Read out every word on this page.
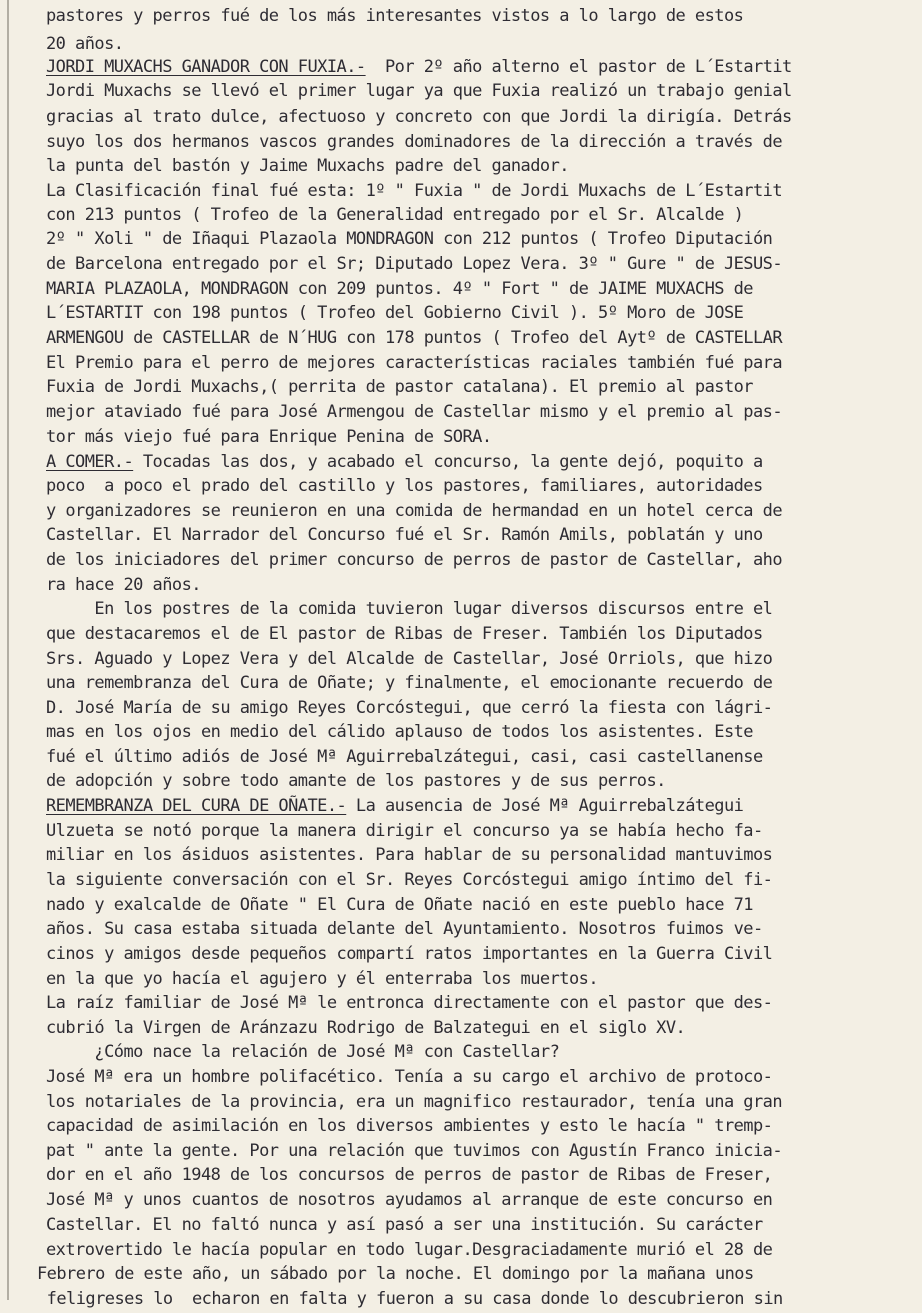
pastores y perros fué de los más interesantes vistos a lo largo de estos
20 años.
JORDI MUXACHS GANADOR CON FUXIA.-  Por 2º año alterno el pastor de L´Estartit
Jordi Muxachs se llevó el primer lugar ya que Fuxia realizó un trabajo genial
gracias al trato dulce, afectuoso y concreto con que Jordi la dirigía. Detrás
suyo los dos hermanos vascos grandes dominadores de la dirección a través de
la punta del bastón y Jaime Muxachs padre del ganador.
La Clasificación final fué esta: 1º " Fuxia " de Jordi Muxachs de L´Estartit
con 213 puntos ( Trofeo de la Generalidad entregado por el Sr. Alcalde )
2º " Xoli " de Iñaqui Plazaola MONDRAGON con 212 puntos ( Trofeo Diputación
de Barcelona entregado por el Sr; Diputado Lopez Vera. 3º " Gure " de JESUS-
MARIA PLAZAOLA, MONDRAGON con 209 puntos. 4º " Fort " de JAIME MUXACHS de
L´ESTARTIT con 198 puntos ( Trofeo del Gobierno Civil ). 5º Moro de JOSE
ARMENGOU de CASTELLAR de N´HUG con 178 puntos ( Trofeo del Aytº de CASTELLAR
El Premio para el perro de mejores características raciales también fué para
Fuxia de Jordi Muxachs,( perrita de pastor catalana). El premio al pastor
mejor ataviado fué para José Armengou de Castellar mismo y el premio al pas-
tor más viejo fué para Enrique Penina de SORA.
A COMER.- Tocadas las dos, y acabado el concurso, la gente dejó, poquito a
poco  a poco el prado del castillo y los pastores, familiares, autoridades
y organizadores se reunieron en una comida de hermandad en un hotel cerca de
Castellar. El Narrador del Concurso fué el Sr. Ramón Amils, poblatán y uno
de los iniciadores del primer concurso de perros de pastor de Castellar, aho
ra hace 20 años.
En los postres de la comida tuvieron lugar diversos discursos entre el
que destacaremos el de El pastor de Ribas de Freser. También los Diputados
Srs. Aguado y Lopez Vera y del Alcalde de Castellar, José Orriols, que hizo
una remembranza del Cura de Oñate; y finalmente, el emocionante recuerdo de
D. José María de su amigo Reyes Corcóstegui, que cerró la fiesta con lágri-
mas en los ojos en medio del cálido aplauso de todos los asistentes. Este
fué el último adiós de José Mª Aguirrebalzátegui, casi, casi castellanense
de adopción y sobre todo amante de los pastores y de sus perros.
REMEMBRANZA DEL CURA DE OÑATE.- La ausencia de José Mª Aguirrebalzátegui
Ulzueta se notó porque la manera dirigir el concurso ya se había hecho fa-
miliar en los ásiduos asistentes. Para hablar de su personalidad mantuvimos
la siguiente conversación con el Sr. Reyes Corcóstegui amigo íntimo del fi-
nado y exalcalde de Oñate " El Cura de Oñate nació en este pueblo hace 71
años. Su casa estaba situada delante del Ayuntamiento. Nosotros fuimos ve-
cinos y amigos desde pequeños compartí ratos importantes en la Guerra Civil
en la que yo hacía el agujero y él enterraba los muertos.
La raíz familiar de José Mª le entronca directamente con el pastor que des-
cubrió la Virgen de Aránzazu Rodrigo de Balzategui en el siglo XV.
¿Cómo nace la relación de José Mª con Castellar?
José Mª era un hombre polifacético. Tenía a su cargo el archivo de protoco-
los notariales de la provincia, era un magnifico restaurador, tenía una gran
capacidad de asimilación en los diversos ambientes y esto le hacía " tremp-
pat " ante la gente. Por una relación que tuvimos con Agustín Franco inicia-
dor en el año 1948 de los concursos de perros de pastor de Ribas de Freser,
José Mª y unos cuantos de nosotros ayudamos al arranque de este concurso en
Castellar. El no faltó nunca y así pasó a ser una institución. Su carácter
extrovertido le hacía popular en todo lugar.Desgraciadamente murió el 28 de
Febrero de este año, un sábado por la noche. El domingo por la mañana unos
feligreses lo  echaron en falta y fueron a su casa donde lo descubrieron sin
